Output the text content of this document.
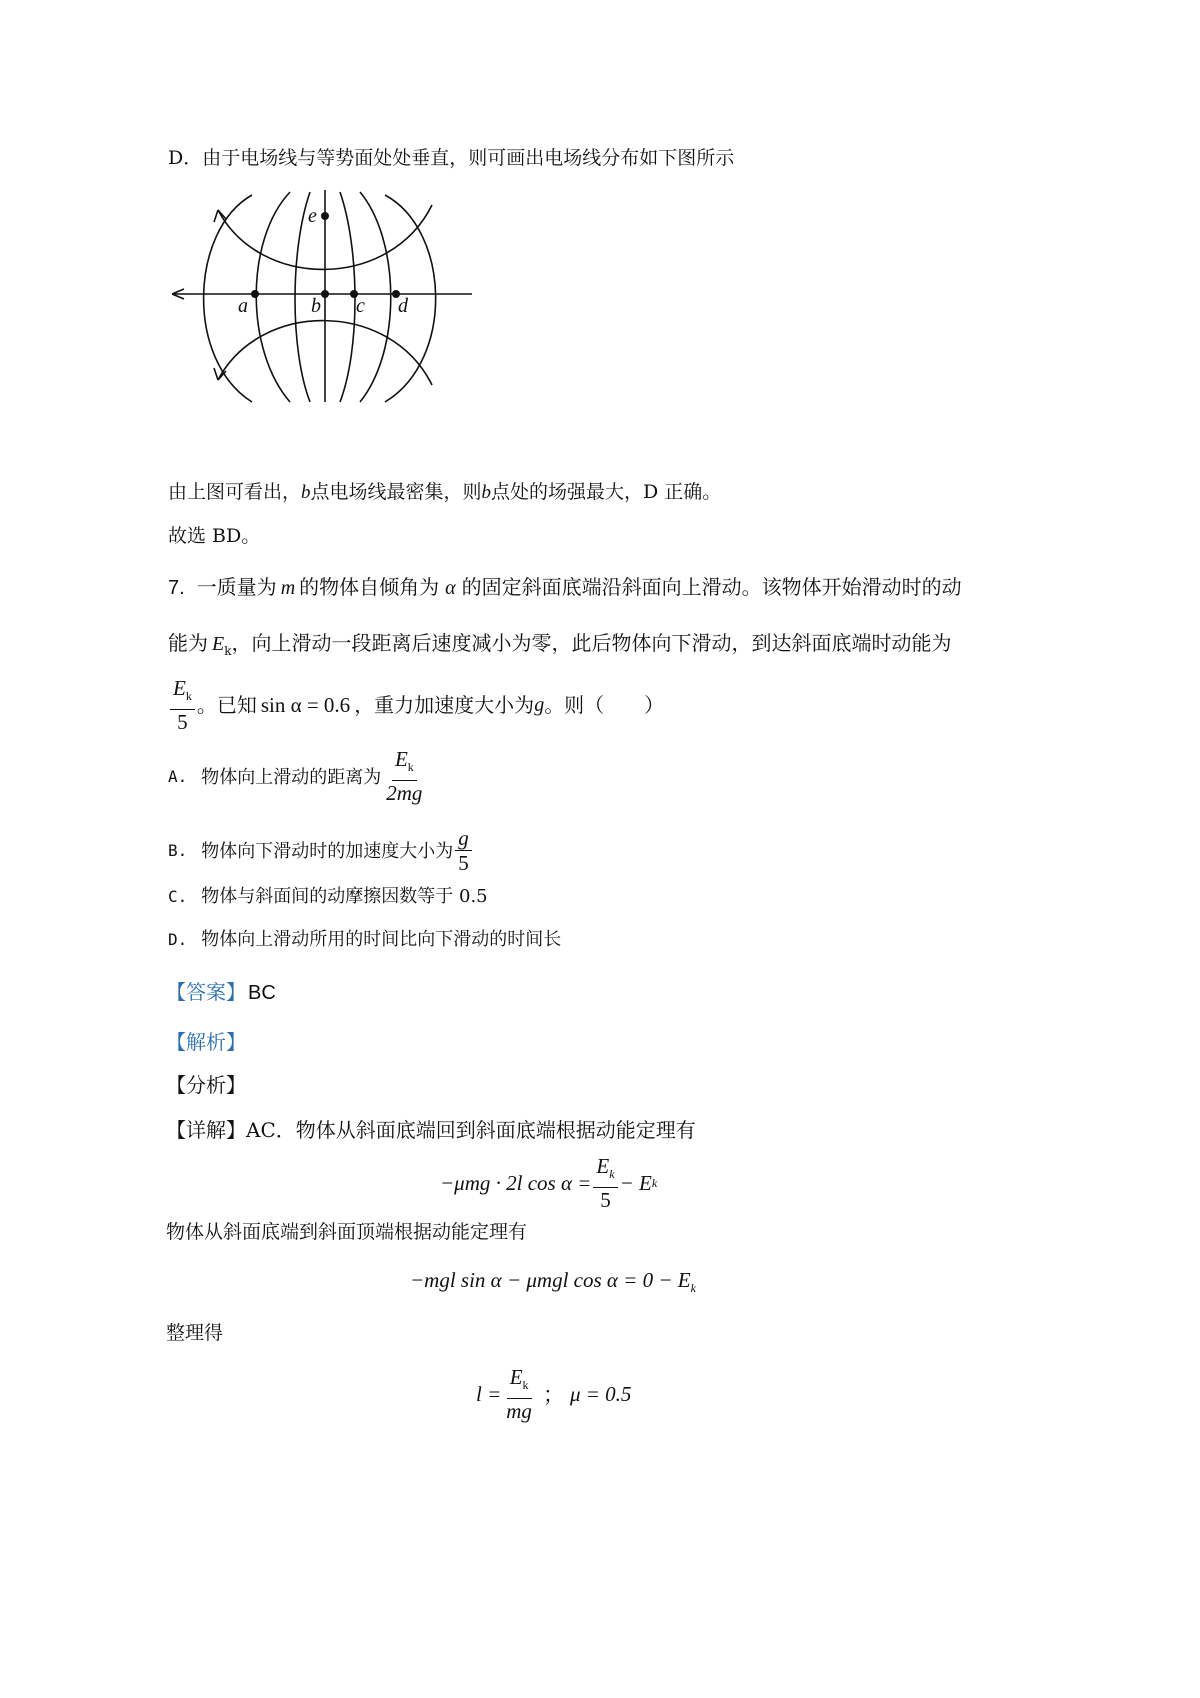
D．由于电场线与等势面处处垂直，则可画出电场线分布如下图所示
e
a	b c d
由上图可看出，b点电场线最密集，则b点处的场强最大，D 正确。
故选 BD。
7. 一质量为 m 的物体自倾角为 α 的固定斜面底端沿斜面向上滑动。该物体开始滑动时的动
能为 $E_k$，向上滑动一段距离后速度减小为零，此后物体向下滑动，到达斜面底端时动能为
$\frac{E_k}{5}$ 。已知 sin α = 0.6 ，重力加速度大小为 g 。则（　　）
A. 物体向上滑动的距离为 $\frac{E_k}{2mg}$
B. 物体向下滑动时的加速度大小为 $\frac{g}{5}$
C. 物体与斜面间的动摩擦因数等于 0.5
D. 物体向上滑动所用的时间比向下滑动的时间长
【答案】 BC
【解析】
【分析】
【详解】AC．物体从斜面底端回到斜面底端根据动能定理有
−μmg · 2l $\cos \alpha = \frac{E_k}{5} - E$ k
物体从斜面底端到斜面顶端根据动能定理有
−mgl sin α − μmgl $\cos \alpha = 0 - E_k$
整理得
$l = \frac{E_k}{mg}$ ； μ = 0.5
